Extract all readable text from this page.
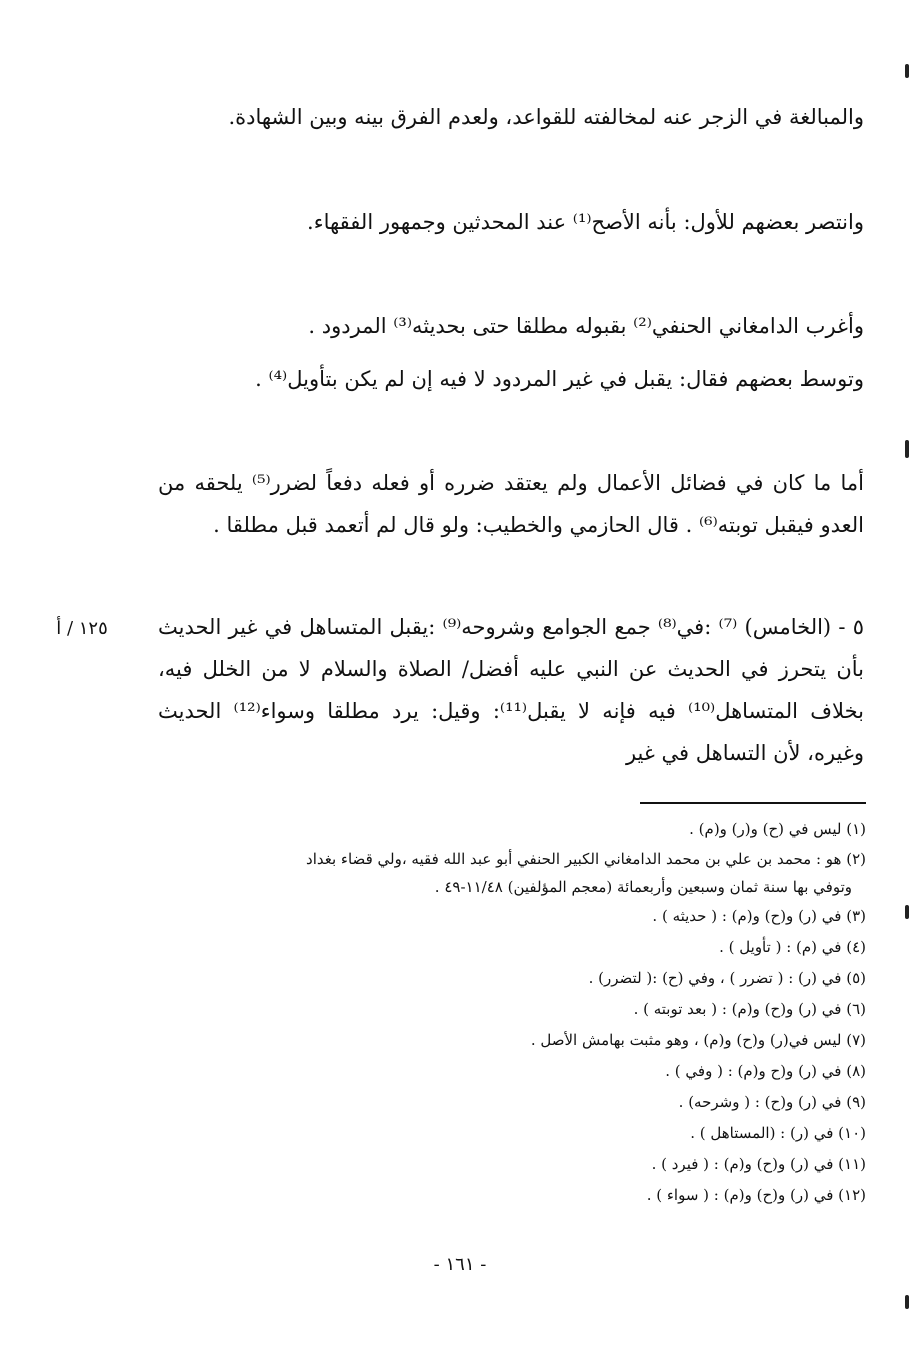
والمبالغة في الزجر عنه لمخالفته للقواعد، ولعدم الفرق بينه وبين الشهادة.

وانتصر بعضهم للأول: بأنه الأصح⁽¹⁾ عند المحدثين وجمهور الفقهاء.

وأغرب الدامغاني الحنفي⁽²⁾ بقبوله مطلقا حتى بحديثه⁽³⁾ المردود .

وتوسط بعضهم فقال: يقبل في غير المردود لا فيه إن لم يكن بتأويل⁽⁴⁾ .

أما ما كان في فضائل الأعمال ولم يعتقد ضرره أو فعله دفعاً لضرر⁽⁵⁾ يلحقه من العدو فيقبل توبته⁽⁶⁾ . قال الحازمي والخطيب: ولو قال لم أتعمد قبل مطلقا .

٥ - (الخامس) ⁽⁷⁾ :في⁽⁸⁾ جمع الجوامع وشروحه⁽⁹⁾ :يقبل المتساهل في غير الحديث بأن يتحرز في الحديث عن النبي عليه أفضل/ الصلاة والسلام لا من الخلل فيه، بخلاف المتساهل⁽¹⁰⁾ فيه فإنه لا يقبل⁽¹¹⁾: وقيل: يرد مطلقا وسواء⁽¹²⁾ الحديث وغيره، لأن التساهل في غير

١٢٥ / أ

(١) ليس في (ح) و(ر) و(م) .

(٢) هو : محمد بن علي بن محمد الدامغاني الكبير الحنفي أبو عبد الله فقيه ،ولي قضاء بغداد
وتوفي بها سنة ثمان وسبعين وأربعمائة (معجم المؤلفين) ١١/٤٨-٤٩ .

(٣) في (ر) و(ح) و(م) : ( حديثه ) .

(٤) في (م) : ( تأويل ) .

(٥) في (ر) : ( تضرر ) ، وفي (ح) :( لتضرر) .

(٦) في (ر) و(ح) و(م) : ( بعد توبته ) .

(٧) ليس في(ر) و(ح) و(م) ، وهو مثبت بهامش الأصل .

(٨) في (ر) و(ح و(م) : ( وفي ) .

(٩) في (ر) و(ح) : ( وشرحه) .

(١٠) في (ر) : (المستاهل ) .

(١١) في (ر) و(ح) و(م) : ( فيرد ) .

(١٢) في (ر) و(ح) و(م) : ( سواء ) .

- ١٦١ -
